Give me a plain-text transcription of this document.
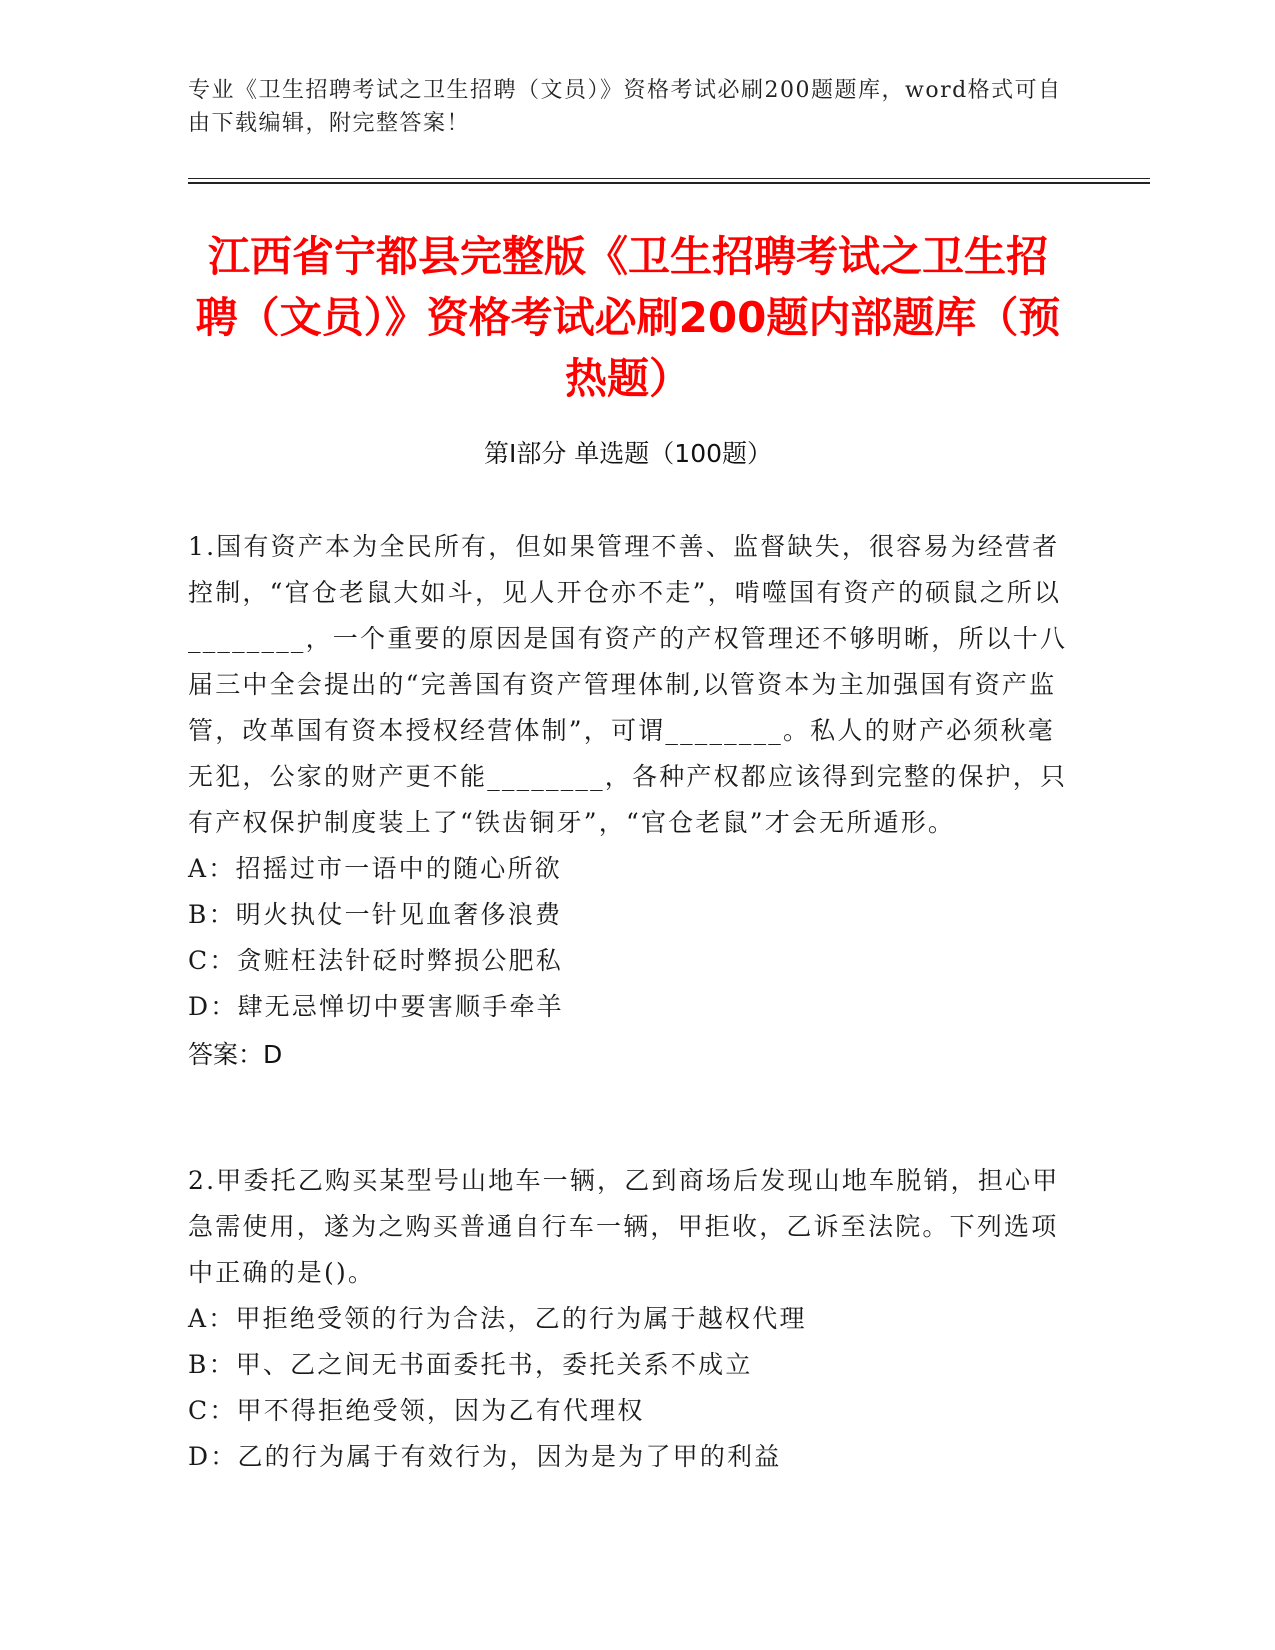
专业《卫生招聘考试之卫生招聘（文员）》资格考试必刷200题题库，word格式可自由下载编辑，附完整答案！
江西省宁都县完整版《卫生招聘考试之卫生招聘（文员）》资格考试必刷200题内部题库（预热题）
第Ⅰ部分 单选题（100题）
1.国有资产本为全民所有，但如果管理不善、监督缺失，很容易为经营者控制，“官仓老鼠大如斗，见人开仓亦不走”，啃噬国有资产的硕鼠之所以________，一个重要的原因是国有资产的产权管理还不够明晰，所以十八届三中全会提出的“完善国有资产管理体制,以管资本为主加强国有资产监管，改革国有资本授权经营体制”，可谓________。私人的财产必须秋毫无犯，公家的财产更不能________，各种产权都应该得到完整的保护，只有产权保护制度装上了“铁齿铜牙”，“官仓老鼠”才会无所遁形。
A：招摇过市一语中的随心所欲
B：明火执仗一针见血奢侈浪费
C：贪赃枉法针砭时弊损公肥私
D：肆无忌惮切中要害顺手牵羊
答案：D
2.甲委托乙购买某型号山地车一辆，乙到商场后发现山地车脱销，担心甲急需使用，遂为之购买普通自行车一辆，甲拒收，乙诉至法院。下列选项中正确的是()。
A：甲拒绝受领的行为合法，乙的行为属于越权代理
B：甲、乙之间无书面委托书，委托关系不成立
C：甲不得拒绝受领，因为乙有代理权
D：乙的行为属于有效行为，因为是为了甲的利益
